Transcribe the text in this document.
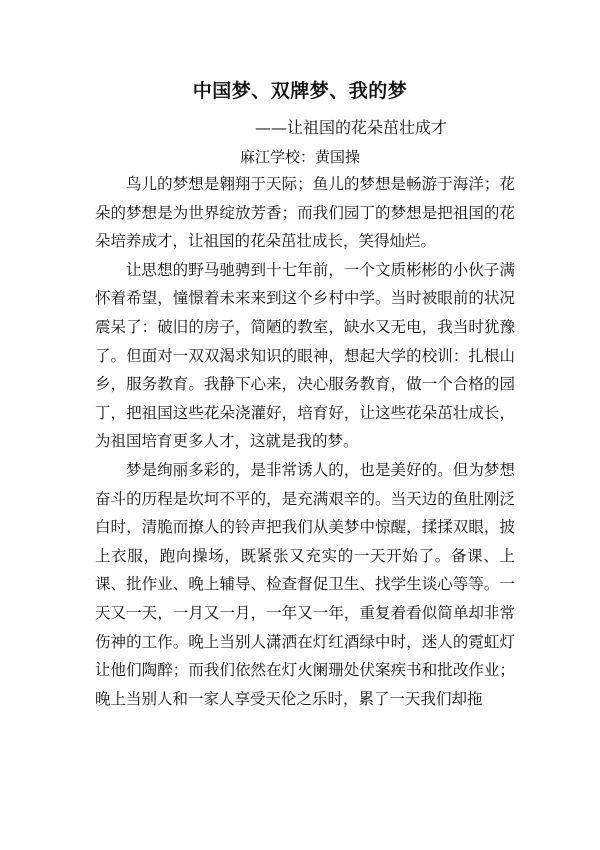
中国梦、双牌梦、我的梦

——让祖国的花朵茁壮成才

麻江学校：黄国操

鸟儿的梦想是翱翔于天际；鱼儿的梦想是畅游于海洋；花朵的梦想是为世界绽放芳香；而我们园丁的梦想是把祖国的花朵培养成才，让祖国的花朵茁壮成长，笑得灿烂。

让思想的野马驰骋到十七年前，一个文质彬彬的小伙子满怀着希望，憧憬着未来来到这个乡村中学。当时被眼前的状况震呆了：破旧的房子，简陋的教室，缺水又无电，我当时犹豫了。但面对一双双渴求知识的眼神，想起大学的校训：扎根山乡，服务教育。我静下心来，决心服务教育，做一个合格的园丁，把祖国这些花朵浇灌好，培育好，让这些花朵茁壮成长，为祖国培育更多人才，这就是我的梦。

梦是绚丽多彩的，是非常诱人的，也是美好的。但为梦想奋斗的历程是坎坷不平的，是充满艰辛的。当天边的鱼肚刚泛白时，清脆而撩人的铃声把我们从美梦中惊醒，揉揉双眼，披上衣服，跑向操场，既紧张又充实的一天开始了。备课、上课、批作业、晚上辅导、检查督促卫生、找学生谈心等等。一天又一天，一月又一月，一年又一年，重复着看似简单却非常伤神的工作。晚上当别人潇洒在灯红酒绿中时，迷人的霓虹灯让他们陶醉；而我们依然在灯火阑珊处伏案疾书和批改作业；晚上当别人和一家人享受天伦之乐时，累了一天我们却拖
